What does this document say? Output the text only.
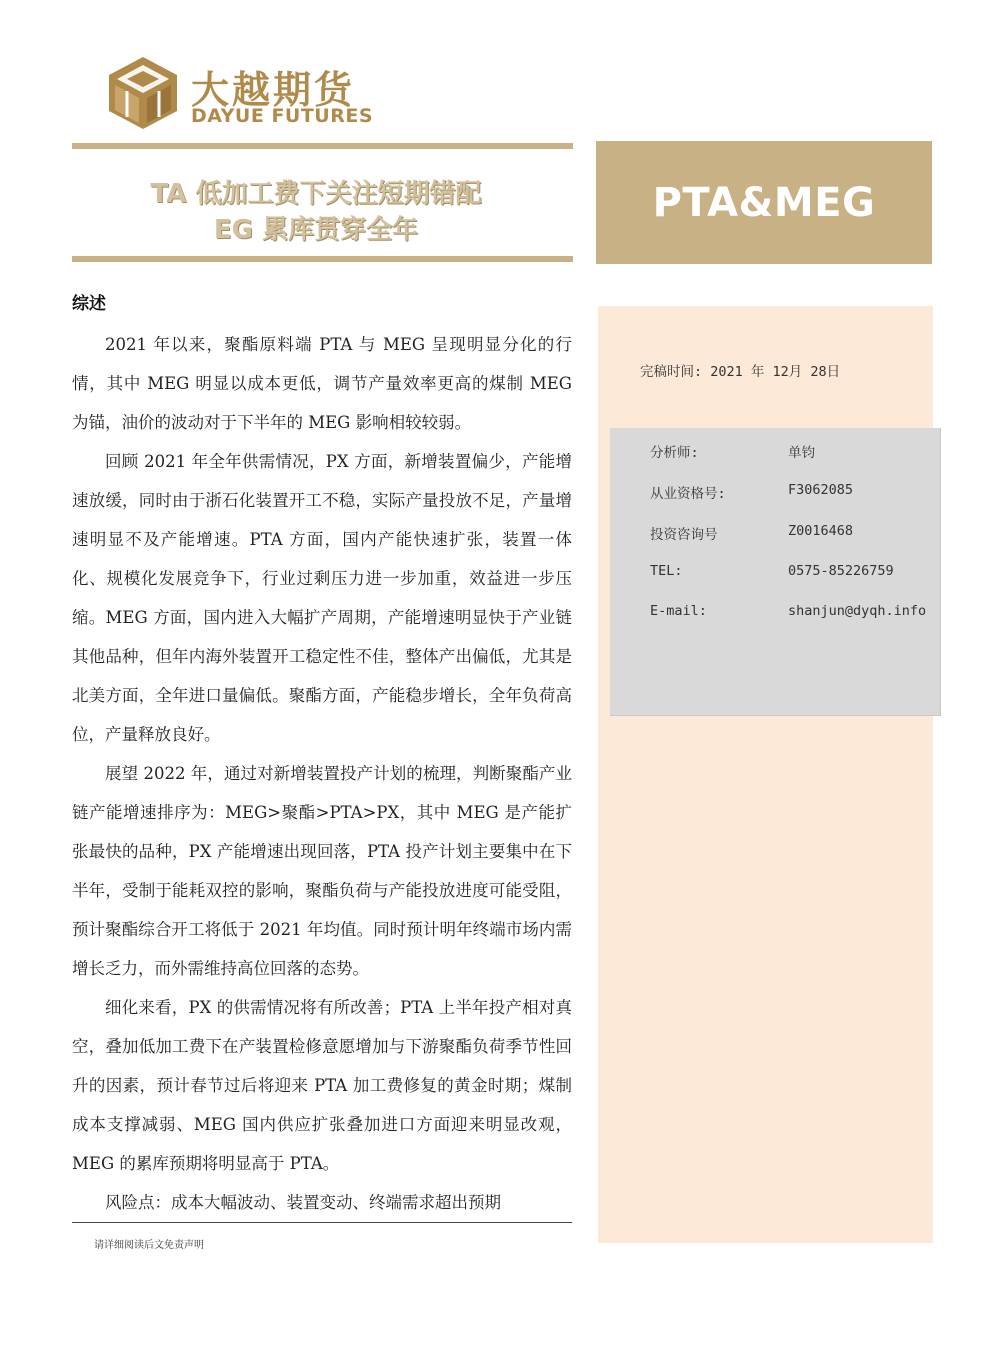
大越期货
DAYUE FUTURES
TA 低加工费下关注短期错配
EG 累库贯穿全年
PTA&MEG
完稿时间: 2021 年 12月 28日
分析师:	单钧
从业资格号:	F3062085
投资咨询号	Z0016468
TEL:	0575-85226759
E-mail:	shanjun@dyqh.info
综述

2021 年以来，聚酯原料端 PTA 与 MEG 呈现明显分化的行情，其中 MEG 明显以成本更低，调节产量效率更高的煤制 MEG 为锚，油价的波动对于下半年的 MEG 影响相较较弱。

回顾 2021 年全年供需情况，PX 方面，新增装置偏少，产能增速放缓，同时由于浙石化装置开工不稳，实际产量投放不足，产量增速明显不及产能增速。PTA 方面，国内产能快速扩张，装置一体化、规模化发展竞争下，行业过剩压力进一步加重，效益进一步压缩。MEG 方面，国内进入大幅扩产周期，产能增速明显快于产业链其他品种，但年内海外装置开工稳定性不佳，整体产出偏低，尤其是北美方面，全年进口量偏低。聚酯方面，产能稳步增长，全年负荷高位，产量释放良好。

展望 2022 年，通过对新增装置投产计划的梳理，判断聚酯产业链产能增速排序为：MEG>聚酯>PTA>PX，其中 MEG 是产能扩张最快的品种，PX 产能增速出现回落，PTA 投产计划主要集中在下半年，受制于能耗双控的影响，聚酯负荷与产能投放进度可能受阻，预计聚酯综合开工将低于 2021 年均值。同时预计明年终端市场内需增长乏力，而外需维持高位回落的态势。

细化来看，PX 的供需情况将有所改善；PTA 上半年投产相对真空，叠加低加工费下在产装置检修意愿增加与下游聚酯负荷季节性回升的因素，预计春节过后将迎来 PTA 加工费修复的黄金时期；煤制成本支撑减弱、MEG 国内供应扩张叠加进口方面迎来明显改观，MEG 的累库预期将明显高于 PTA。

风险点：成本大幅波动、装置变动、终端需求超出预期

请详细阅读后文免责声明
